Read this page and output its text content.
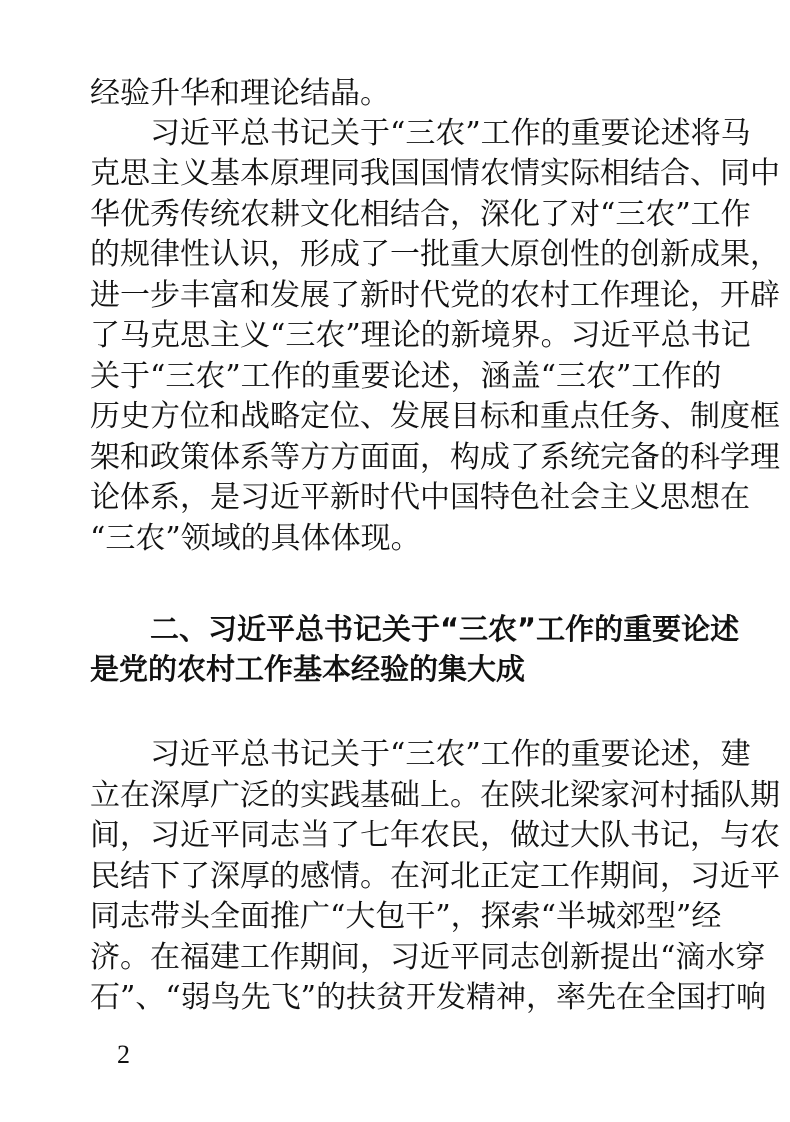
经验升华和理论结晶。
习近平总书记关于“三农”工作的重要论述将马
克思主义基本原理同我国国情农情实际相结合、同中
华优秀传统农耕文化相结合，深化了对“三农”工作
的规律性认识，形成了一批重大原创性的创新成果，
进一步丰富和发展了新时代党的农村工作理论，开辟
了马克思主义“三农”理论的新境界。习近平总书记
关于“三农”工作的重要论述，涵盖“三农”工作的
历史方位和战略定位、发展目标和重点任务、制度框
架和政策体系等方方面面，构成了系统完备的科学理
论体系，是习近平新时代中国特色社会主义思想在
“三农”领域的具体体现。
二、习近平总书记关于“三农”工作的重要论述
是党的农村工作基本经验的集大成
习近平总书记关于“三农”工作的重要论述，建
立在深厚广泛的实践基础上。在陕北梁家河村插队期
间，习近平同志当了七年农民，做过大队书记，与农
民结下了深厚的感情。在河北正定工作期间，习近平
同志带头全面推广“大包干”，探索“半城郊型”经
济。在福建工作期间，习近平同志创新提出“滴水穿
石”、“弱鸟先飞”的扶贫开发精神，率先在全国打响
2
